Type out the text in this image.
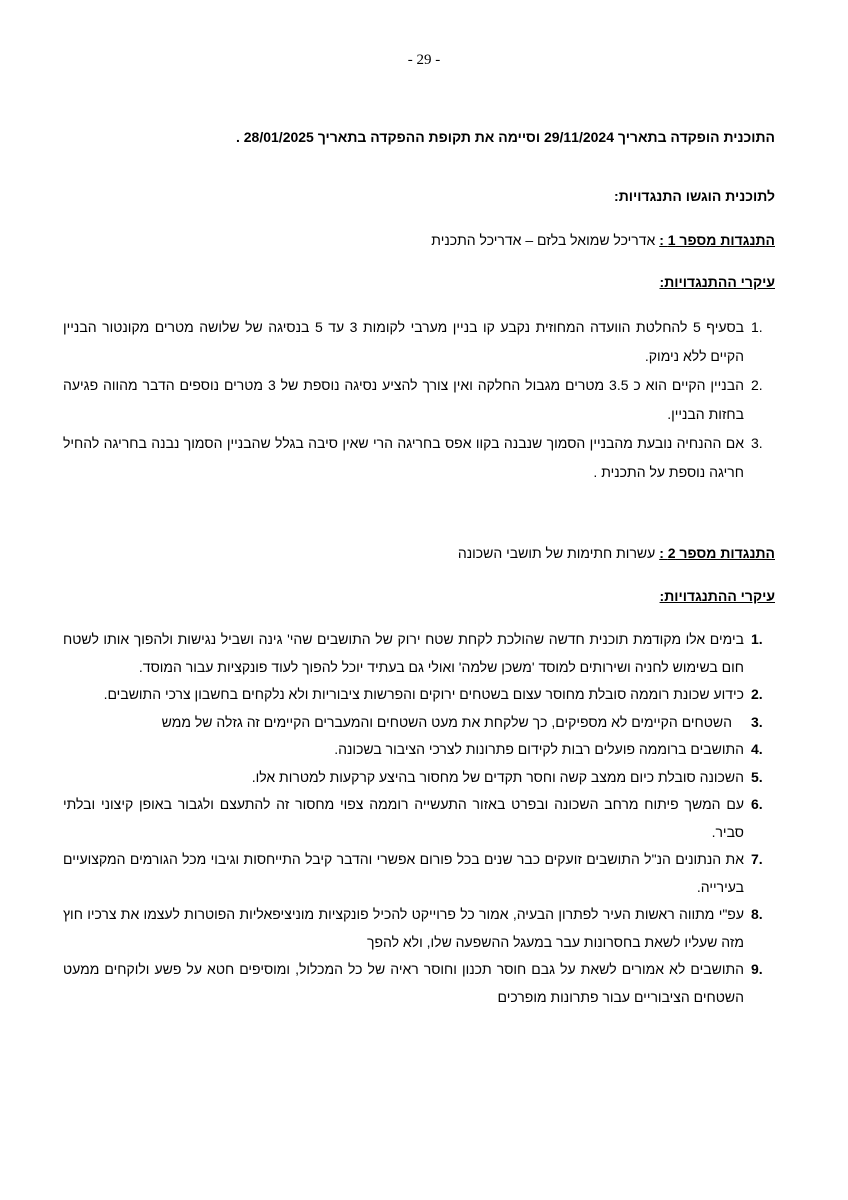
- 29 -
התוכנית הופקדה בתאריך 29/11/2024 וסיימה את תקופת ההפקדה בתאריך 28/01/2025 .
לתוכנית הוגשו התנגדויות:
התנגדות מספר 1 : אדריכל שמואל בלזם – אדריכל התכנית
עיקרי ההתנגדויות:
1.
בסעיף 5 להחלטת הוועדה המחוזית נקבע קו בניין מערבי לקומות 3 עד 5 בנסיגה של שלושה מטרים מקונטור הבניין הקיים ללא נימוק.
2.
הבניין הקיים הוא כ 3.5 מטרים מגבול החלקה ואין צורך להציע נסיגה נוספת של 3 מטרים נוספים הדבר מהווה פגיעה בחזות הבניין.
3.
אם ההנחיה נובעת מהבניין הסמוך שנבנה בקוו אפס בחריגה הרי שאין סיבה בגלל שהבניין הסמוך נבנה בחריגה להחיל חריגה נוספת על התכנית .
התנגדות מספר 2 : עשרות חתימות של תושבי השכונה
עיקרי ההתנגדויות:
1.
בימים אלו מקודמת תוכנית חדשה שהולכת לקחת שטח ירוק של התושבים שהי' גינה ושביל נגישות ולהפוך אותו לשטח חום בשימוש לחניה ושירותים למוסד 'משכן שלמה' ואולי גם בעתיד יוכל להפוך לעוד פונקציות עבור המוסד.
2.
כידוע שכונת רוממה סובלת מחוסר עצום בשטחים ירוקים והפרשות ציבוריות ולא נלקחים בחשבון צרכי התושבים.
3.
השטחים הקיימים לא מספיקים, כך שלקחת את מעט השטחים והמעברים הקיימים זה גזלה של ממש
4.
התושבים ברוממה פועלים רבות לקידום פתרונות לצרכי הציבור בשכונה.
5.
השכונה סובלת כיום ממצב קשה וחסר תקדים של מחסור בהיצע קרקעות למטרות אלו.
6.
עם המשך פיתוח מרחב השכונה ובפרט באזור התעשייה רוממה צפוי מחסור זה להתעצם ולגבור באופן קיצוני ובלתי סביר.
7.
את הנתונים הנ"ל התושבים זועקים כבר שנים בכל פורום אפשרי והדבר קיבל התייחסות וגיבוי מכל הגורמים המקצועיים בעירייה.
8.
עפ"י מתווה ראשות העיר לפתרון הבעיה, אמור כל פרוייקט להכיל פונקציות מוניציפאליות הפוטרות לעצמו את צרכיו חוץ מזה שעליו לשאת בחסרונות עבר במעגל ההשפעה שלו, ולא להפך
9.
התושבים לא אמורים לשאת על גבם חוסר תכנון וחוסר ראיה של כל המכלול, ומוסיפים חטא על פשע ולוקחים ממעט השטחים הציבוריים עבור פתרונות מופרכים
